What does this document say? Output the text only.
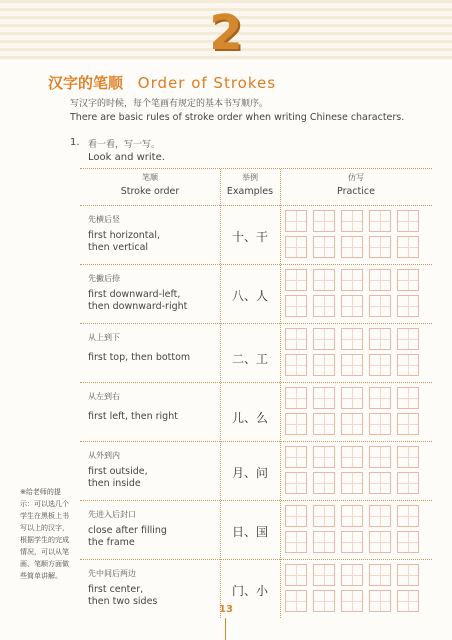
2
汉字的笔顺 Order of Strokes
写汉字的时候，每个笔画有规定的基本书写顺序。
There are basic rules of stroke order when writing Chinese characters.
1. 看一看，写一写。
Look and write.
笔顺
Stroke order
举例
Examples
仿写
Practice
先横后竖
first horizontal,
then vertical
十、干
先撇后捺
first downward-left,
then downward-right
八、人
从上到下
first top, then bottom	二、工
从左到右
first left, then right	儿、么
从外到内
first outside,
then inside
月、问
先进入后封口
close after filling
the frame
日、国
先中间后两边
first center,
then two sides
门、小
※给老师的提
示：可以选几个
学生在黑板上书
写以上的汉字，
根据学生的完成
情况，可以从笔
画、笔顺方面做
些简单讲解。
13
